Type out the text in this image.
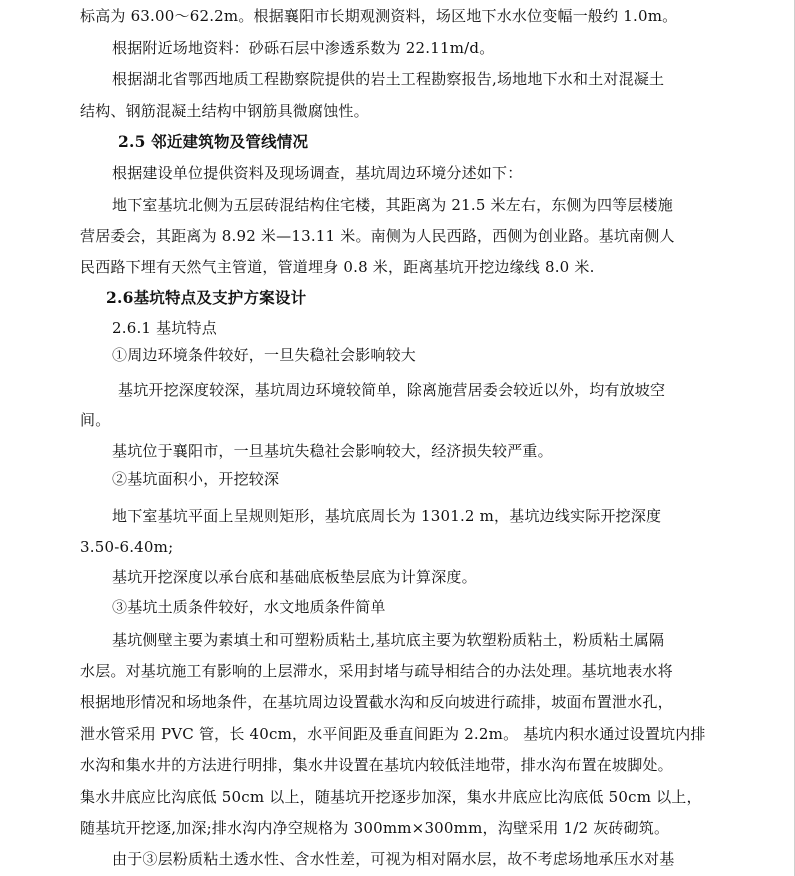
标高为 63.00～62.2m。根据襄阳市长期观测资料，场区地下水水位变幅一般约 1.0m。
根据附近场地资料：砂砾石层中渗透系数为 22.11m/d。
根据湖北省鄂西地质工程勘察院提供的岩土工程勘察报告,场地地下水和土对混凝土
结构、钢筋混凝土结构中钢筋具微腐蚀性。
2.5 邻近建筑物及管线情况
根据建设单位提供资料及现场调查，基坑周边环境分述如下：
地下室基坑北侧为五层砖混结构住宅楼，其距离为 21.5 米左右，东侧为四等层楼施
营居委会，其距离为 8.92 米—13.11 米。南侧为人民西路，西侧为创业路。基坑南侧人
民西路下埋有天然气主管道，管道埋身 0.8 米，距离基坑开挖边缘线 8.0 米.
2.6基坑特点及支护方案设计
2.6.1 基坑特点
①周边环境条件较好，一旦失稳社会影响较大
基坑开挖深度较深，基坑周边环境较简单，除离施营居委会较近以外，均有放坡空
间。
基坑位于襄阳市，一旦基坑失稳社会影响较大，经济损失较严重。
②基坑面积小，开挖较深
地下室基坑平面上呈规则矩形，基坑底周长为 1301.2 m，基坑边线实际开挖深度
3.50-6.40m;
基坑开挖深度以承台底和基础底板垫层底为计算深度。
③基坑土质条件较好，水文地质条件简单
基坑侧壁主要为素填土和可塑粉质粘土,基坑底主要为软塑粉质粘土，粉质粘土属隔
水层。对基坑施工有影响的上层滞水，采用封堵与疏导相结合的办法处理。基坑地表水将
根据地形情况和场地条件，在基坑周边设置截水沟和反向坡进行疏排，坡面布置泄水孔，
泄水管采用 PVC 管，长 40cm，水平间距及垂直间距为 2.2m。 基坑内积水通过设置坑内排
水沟和集水井的方法进行明排，集水井设置在基坑内较低洼地带，排水沟布置在坡脚处。
集水井底应比沟底低 50cm 以上，随基坑开挖逐步加深，集水井底应比沟底低 50cm 以上，
随基坑开挖逐,加深;排水沟内净空规格为 300mm×300mm，沟壁采用 1/2 灰砖砌筑。
由于③层粉质粘土透水性、含水性差，可视为相对隔水层，故不考虑场地承压水对基
